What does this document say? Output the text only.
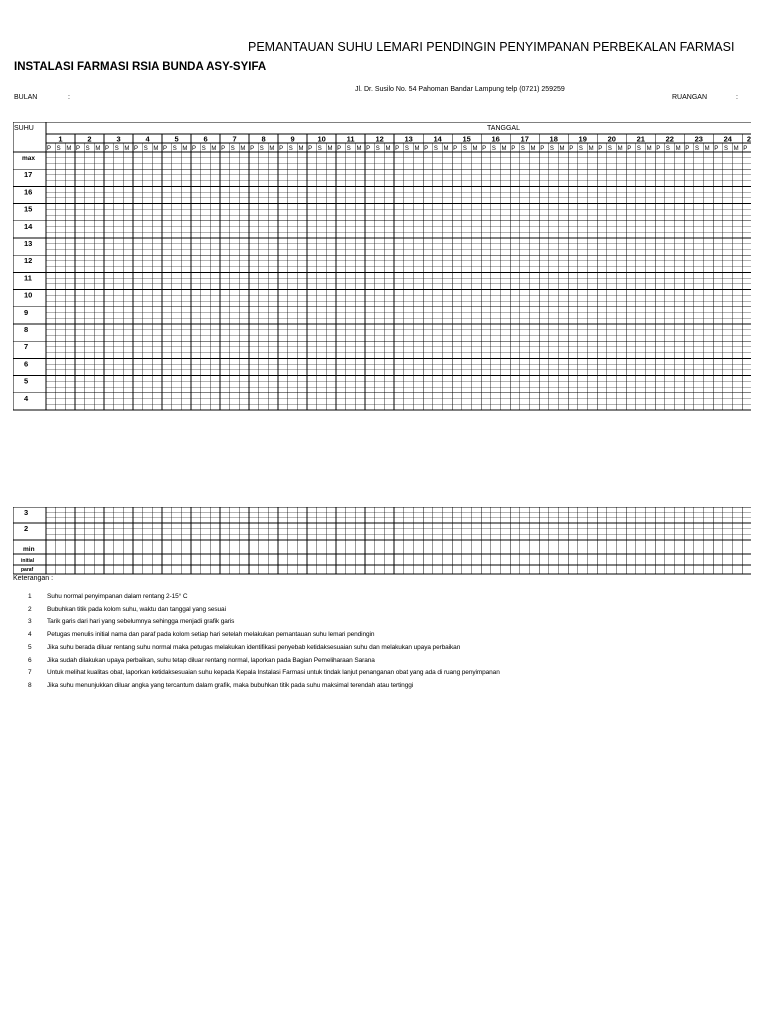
PEMANTAUAN SUHU LEMARI PENDINGIN PENYIMPANAN PERBEKALAN FARMASI
INSTALASI FARMASI RSIA BUNDA ASY-SYIFA
Jl. Dr. Susilo No. 54 Pahoman Bandar Lampung telp (0721) 259259
BULAN	:	RUANGAN	:
SUHU	TANGGAL
1
P S M
2
P S M
3
P S M
4
P S M
5
P S M
6
P S M
7
P S M
8
P S M
9
P S M
10
P S M
11
P S M
12
P S M
13
P S M
14
P S M
15
P S M
16
P S M
17
P S M
18
P S M
19
P S M
20
P S M
21
P S M
22
P S M
23
P S M
24
P S M
2
P
max
17
16
15
14
13
12
11
10
9
8
7
6
5
4
3
2
min
initial
paraf
Keterangan :
1 Suhu normal penyimpanan dalam rentang 2-15° C
2 Bubuhkan titik pada kolom suhu, waktu dan tanggal yang sesuai
3 Tarik garis dari hari yang sebelumnya sehingga menjadi grafik garis
4 Petugas menulis initial nama dan paraf pada kolom setiap hari setelah melakukan pemantauan suhu lemari pendingin
5 Jika suhu berada diluar rentang suhu normal maka petugas melakukan identifikasi penyebab ketidaksesuaian suhu dan melakukan upaya perbaikan
6 Jika sudah dilakukan upaya perbaikan, suhu tetap diluar rentang normal, laporkan pada Bagian Pemeliharaan Sarana
7 Untuk melihat kualitas obat, laporkan ketidaksesuaian suhu kepada Kepala Instalasi Farmasi untuk tindak lanjut penanganan obat yang ada di ruang penyimpanan
8 Jika suhu menunjukkan diluar angka yang tercantum dalam grafik, maka bubuhkan titik pada suhu maksimal terendah atau tertinggi
